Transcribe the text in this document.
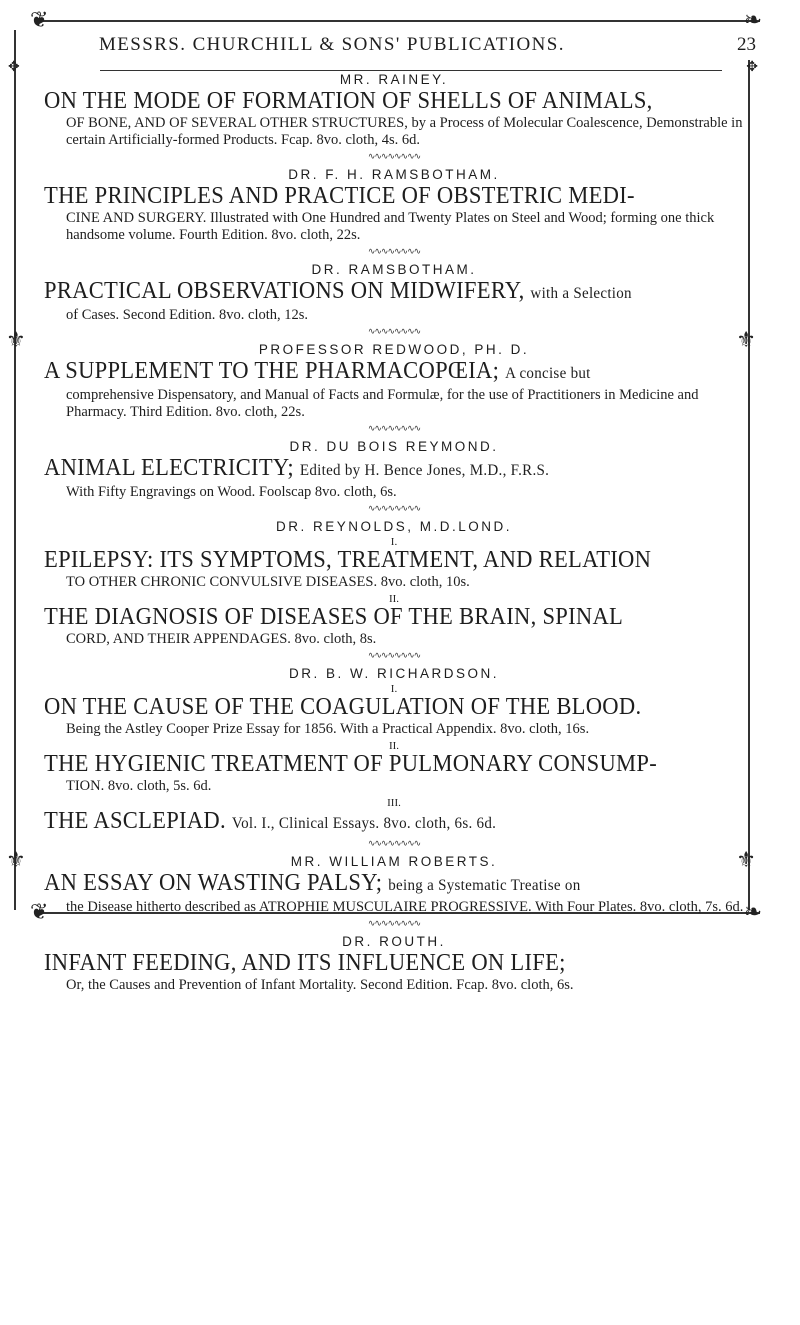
❦	❧
✥	✥
⚜	⚜
⚜	⚜
❦	❧
MESSRS. CHURCHILL & SONS' PUBLICATIONS.	23
MR. RAINEY.
ON THE MODE OF FORMATION OF SHELLS OF ANIMALS,
OF BONE, AND OF SEVERAL OTHER STRUCTURES, by a Process of Molecular Coalescence, Demonstrable in certain Artificially-formed Products. Fcap. 8vo. cloth, 4s. 6d.
∿∿∿∿∿∿∿∿
DR. F. H. RAMSBOTHAM.
THE PRINCIPLES AND PRACTICE OF OBSTETRIC MEDI-
CINE AND SURGERY. Illustrated with One Hundred and Twenty Plates on Steel and Wood; forming one thick handsome volume. Fourth Edition. 8vo. cloth, 22s.
∿∿∿∿∿∿∿∿
DR. RAMSBOTHAM.
PRACTICAL OBSERVATIONS ON MIDWIFERY, with a Selection
of Cases. Second Edition. 8vo. cloth, 12s.
∿∿∿∿∿∿∿∿
PROFESSOR REDWOOD, PH. D.
A SUPPLEMENT TO THE PHARMACOPŒIA; A concise but
comprehensive Dispensatory, and Manual of Facts and Formulæ, for the use of Practitioners in Medicine and Pharmacy. Third Edition. 8vo. cloth, 22s.
∿∿∿∿∿∿∿∿
DR. DU BOIS REYMOND.
ANIMAL ELECTRICITY; Edited by H. Bence Jones, M.D., F.R.S.
With Fifty Engravings on Wood. Foolscap 8vo. cloth, 6s.
∿∿∿∿∿∿∿∿
DR. REYNOLDS, M.D.LOND.
I.
EPILEPSY: ITS SYMPTOMS, TREATMENT, AND RELATION
TO OTHER CHRONIC CONVULSIVE DISEASES. 8vo. cloth, 10s.
II.
THE DIAGNOSIS OF DISEASES OF THE BRAIN, SPINAL
CORD, AND THEIR APPENDAGES. 8vo. cloth, 8s.
∿∿∿∿∿∿∿∿
DR. B. W. RICHARDSON.
I.
ON THE CAUSE OF THE COAGULATION OF THE BLOOD.
Being the Astley Cooper Prize Essay for 1856. With a Practical Appendix. 8vo. cloth, 16s.
II.
THE HYGIENIC TREATMENT OF PULMONARY CONSUMP-
TION. 8vo. cloth, 5s. 6d.
III.
THE ASCLEPIAD. Vol. I., Clinical Essays. 8vo. cloth, 6s. 6d.
∿∿∿∿∿∿∿∿
MR. WILLIAM ROBERTS.
AN ESSAY ON WASTING PALSY; being a Systematic Treatise on
the Disease hitherto described as ATROPHIE MUSCULAIRE PROGRESSIVE. With Four Plates. 8vo. cloth, 7s. 6d.
∿∿∿∿∿∿∿∿
DR. ROUTH.
INFANT FEEDING, AND ITS INFLUENCE ON LIFE;
Or, the Causes and Prevention of Infant Mortality. Second Edition. Fcap. 8vo. cloth, 6s.
